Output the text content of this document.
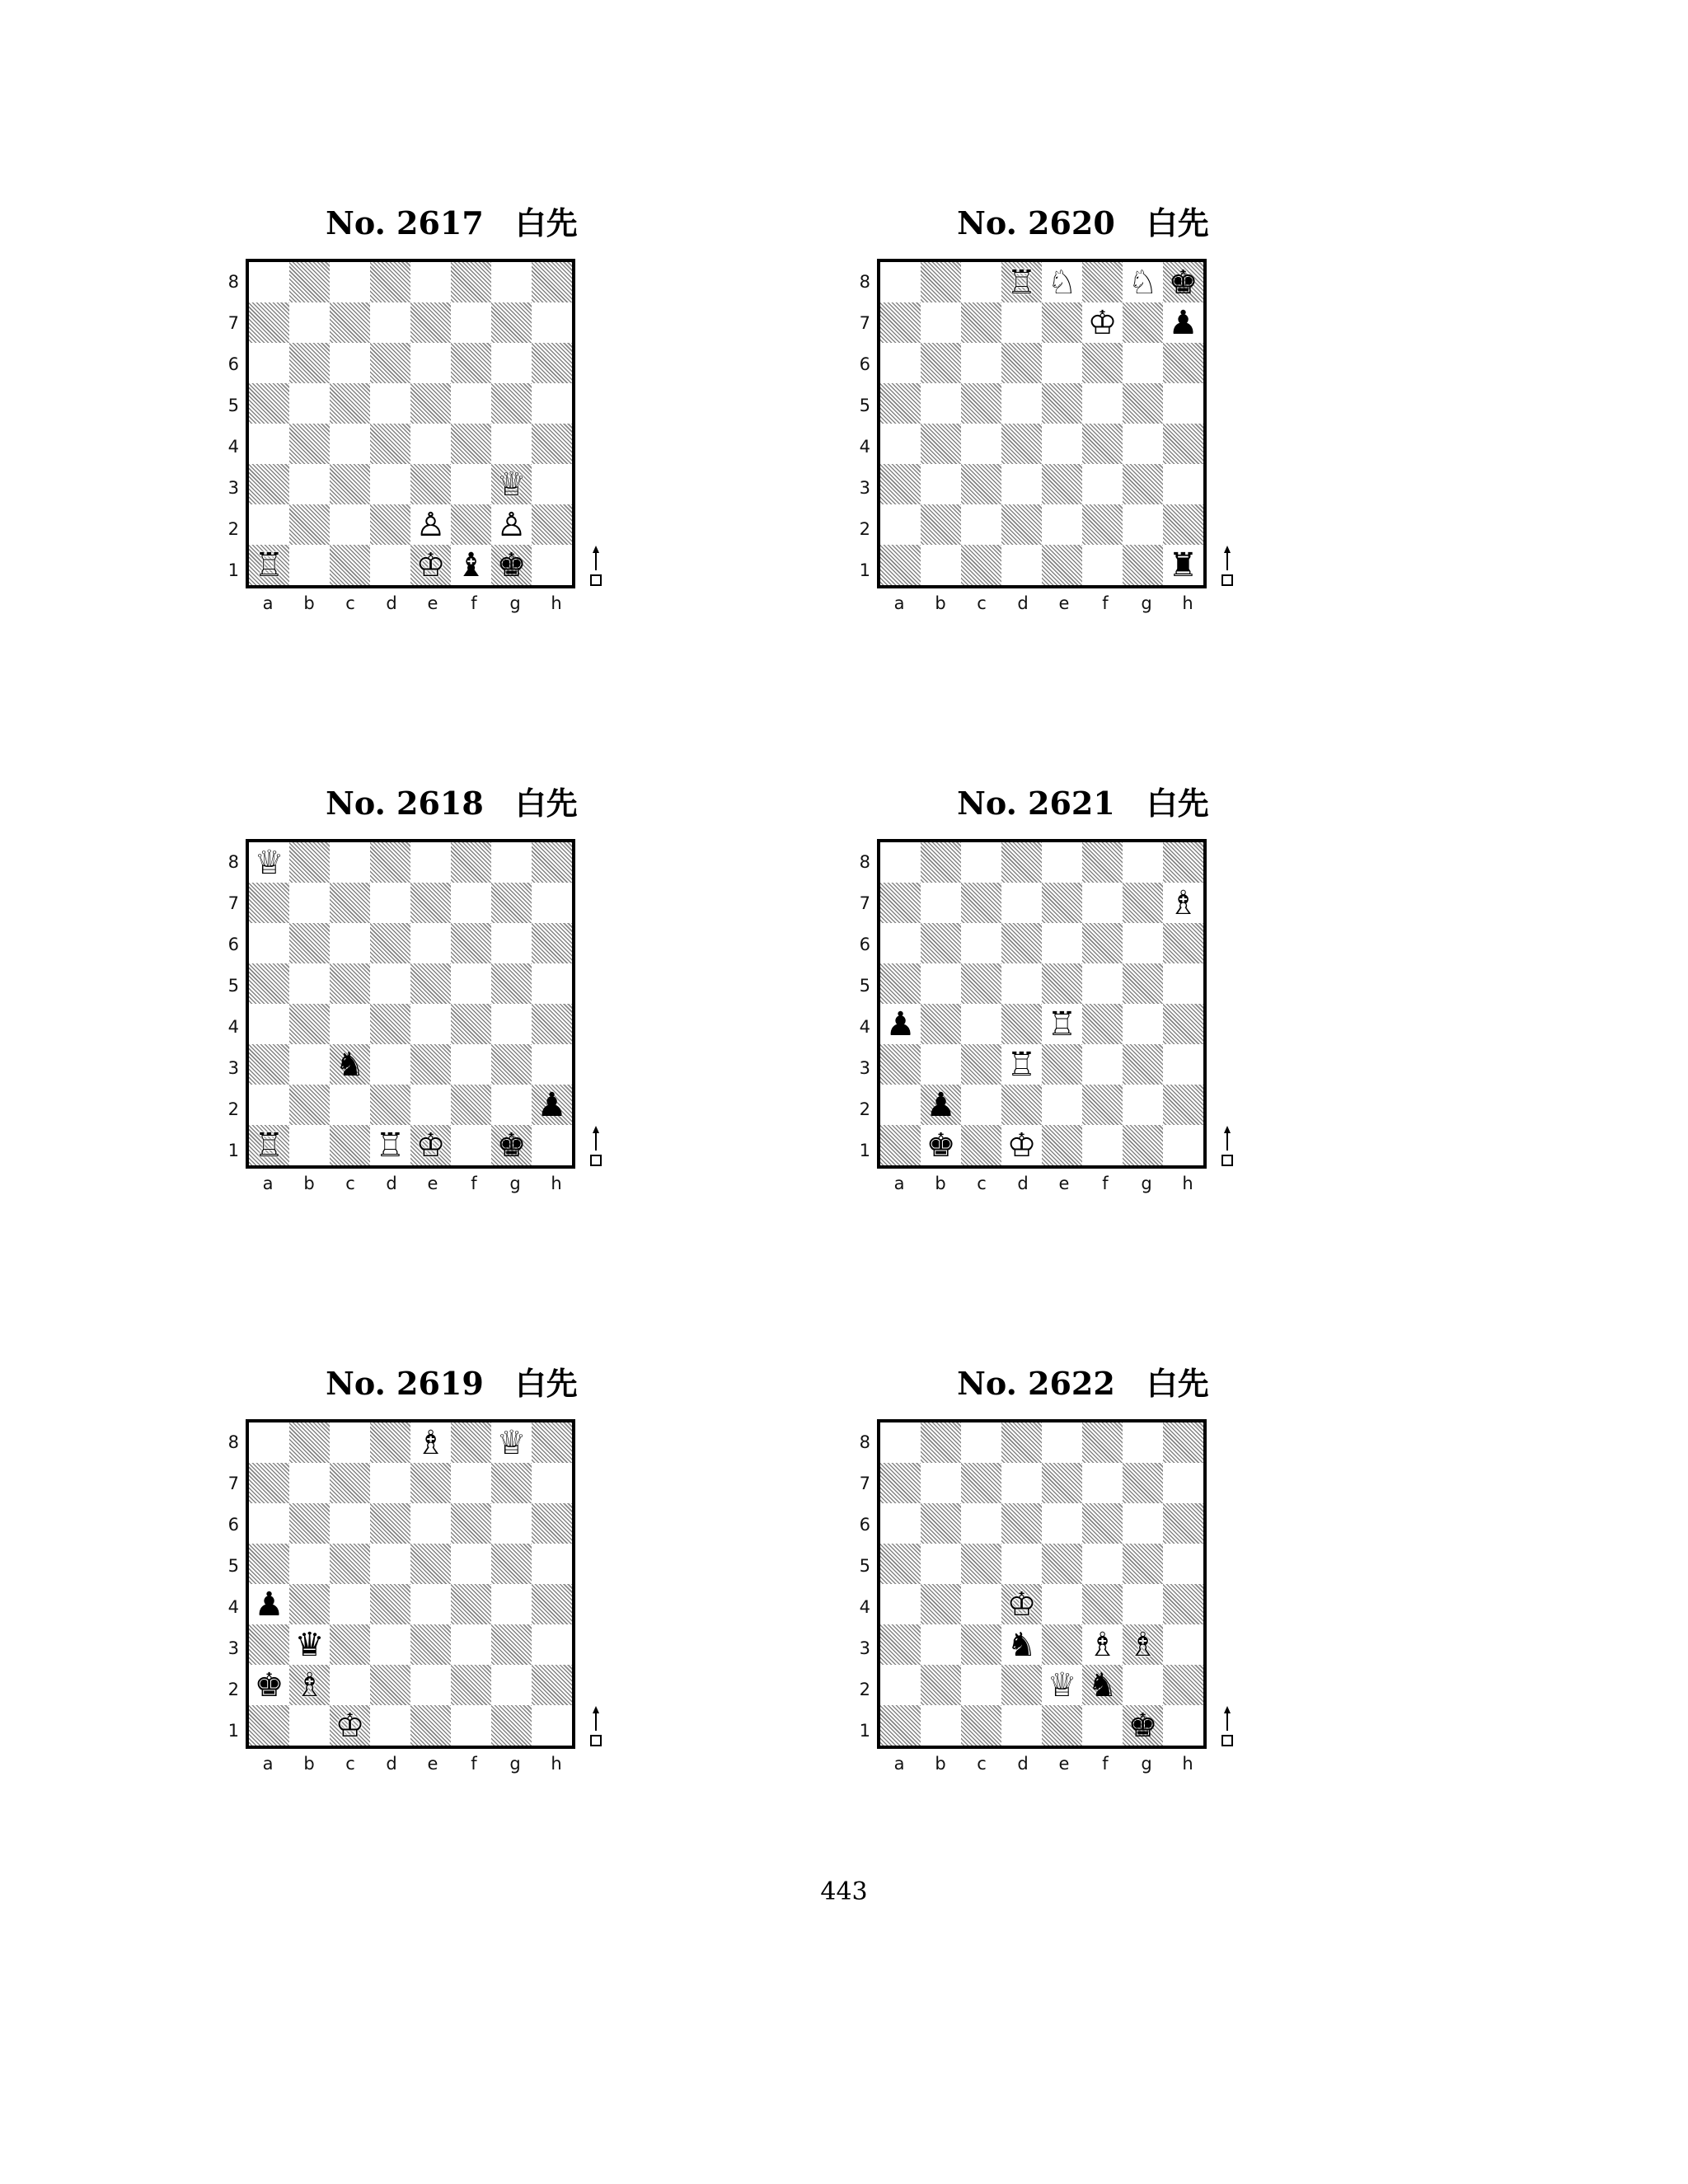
No. 2617　白先
♕
♙ ♙
♖	♔ ♝ ♚
8
7
6
5
4
3
2
1
a	b	c	d	e	f	g	h
No. 2618　白先
♕
♞
♟
♖	♖ ♔ ♚
8
7
6
5
4
3
2
1
a	b	c	d	e	f	g	h
No. 2619　白先
♗ ♕
♟
♛
♚ ♗
♔
8
7
6
5
4
3
2
1
a	b	c	d	e	f	g	h
No. 2620　白先
♖ ♘ ♘ ♚
♔ ♟
♜
8
7
6
5
4
3
2
1
a	b	c	d	e	f	g	h
No. 2621　白先
♗
♟	♖
♖
♟
♚ ♔
8
7
6
5
4
3
2
1
a	b	c	d	e	f	g	h
No. 2622　白先
♔
♞ ♗ ♗
♕ ♞
♚
8
7
6
5
4
3
2
1
a	b	c	d	e	f	g	h
443
